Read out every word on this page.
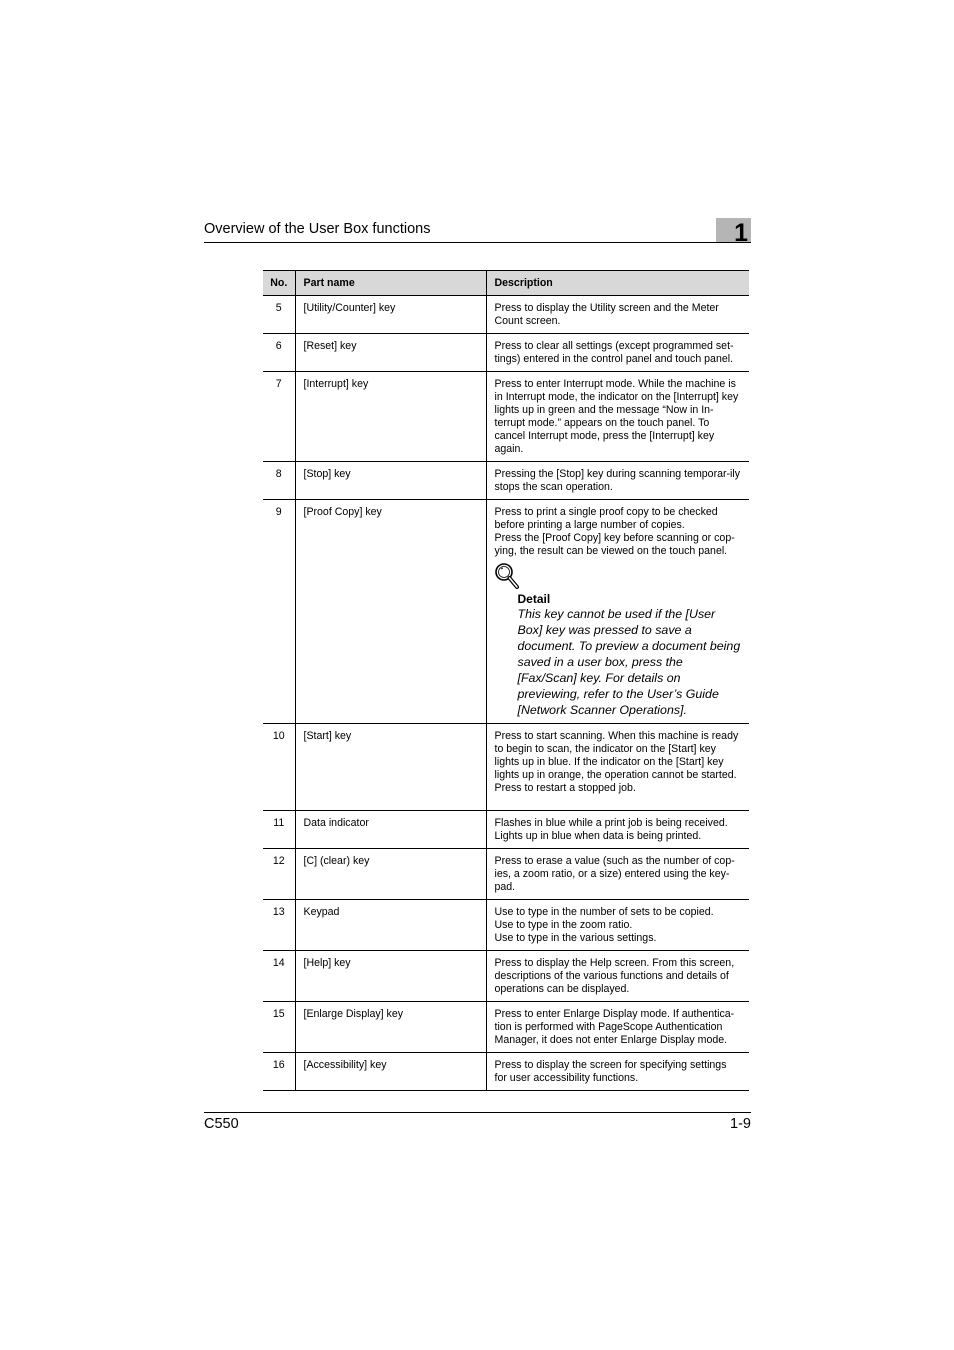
Overview of the User Box functions	1
No.	Part name	Description
5	[Utility/Counter] key	Press to display the Utility screen and the Meter Count screen.

6	[Reset] key	Press to clear all settings (except programmed set-tings) entered in the control panel and touch panel.

7	[Interrupt] key	Press to enter Interrupt mode. While the machine is in Interrupt mode, the indicator on the [Interrupt] key lights up in green and the message “Now in In-terrupt mode.” appears on the touch panel. To cancel Interrupt mode, press the [Interrupt] key again.

8	[Stop] key	Pressing the [Stop] key during scanning temporar-ily stops the scan operation.

9	[Proof Copy] key	Press to print a single proof copy to be checked before printing a large number of copies.
Press the [Proof Copy] key before scanning or cop-ying, the result can be viewed on the touch panel.
Detail
This key cannot be used if the [User Box] key was pressed to save a document. To preview a document being saved in a user box, press the [Fax/Scan] key. For details on previewing, refer to the User’s Guide [Network Scanner Operations].

10	[Start] key	Press to start scanning. When this machine is ready to begin to scan, the indicator on the [Start] key lights up in blue. If the indicator on the [Start] key lights up in orange, the operation cannot be started.
Press to restart a stopped job.

11	Data indicator	Flashes in blue while a print job is being received.
Lights up in blue when data is being printed.

12	[C] (clear) key	Press to erase a value (such as the number of cop-ies, a zoom ratio, or a size) entered using the key-pad.

13	Keypad	Use to type in the number of sets to be copied.
Use to type in the zoom ratio.
Use to type in the various settings.

14	[Help] key	Press to display the Help screen. From this screen, descriptions of the various functions and details of operations can be displayed.

15	[Enlarge Display] key	Press to enter Enlarge Display mode. If authentica-tion is performed with PageScope Authentication Manager, it does not enter Enlarge Display mode.

16	[Accessibility] key	Press to display the screen for specifying settings for user accessibility functions.
C550	1-9
